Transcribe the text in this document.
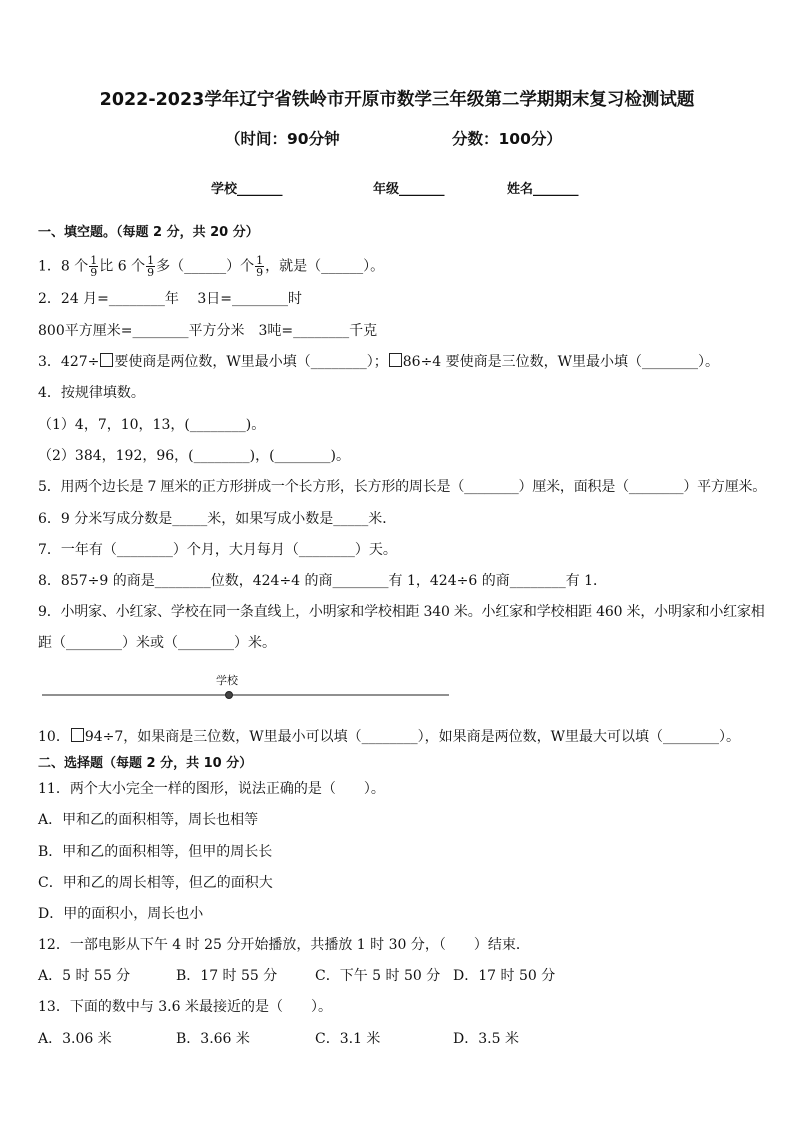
2022-2023学年辽宁省铁岭市开原市数学三年级第二学期期末复习检测试题
（时间：90分钟	分数：100分）
学校_______	年级_______	姓名_______
一、填空题。（每题 2 分，共 20 分）
1．8 个 $\frac{1}{9}$ 比 6 个 $\frac{1}{9}$ 多（______）个 $\frac{1}{9}$ ，就是（______）。
2．24 月=________年　 3日=________时
800平方厘米=________平方分米　3吨=________千克
3．427÷ 要使商是两位数，W里最小填（________）； 86÷4 要使商是三位数，W里最小填（________）。
4．按规律填数。
（1）4，7，10，13，(________)。
（2）384，192，96，(________)，(________)。
5．用两个边长是 7 厘米的正方形拼成一个长方形，长方形的周长是（________）厘米，面积是（________）平方厘米。
6．9 分米写成分数是_____米，如果写成小数是_____米．
7．一年有（________）个月，大月每月（________）天。
8．857÷9 的商是________位数，424÷4 的商________有 1，424÷6 的商________有 1．
9．小明家、小红家、学校在同一条直线上，小明家和学校相距 340 米。小红家和学校相距 460 米，小明家和小红家相
距（________）米或（________）米。
学校
10． 94÷7，如果商是三位数，W里最小可以填（________），如果商是两位数，W里最大可以填（________）。
二、选择题（每题 2 分，共 10 分）
11．两个大小完全一样的图形，说法正确的是（　　）。
A．甲和乙的面积相等，周长也相等
B．甲和乙的面积相等，但甲的周长长
C．甲和乙的周长相等，但乙的面积大
D．甲的面积小，周长也小
12．一部电影从下午 4 时 25 分开始播放，共播放 1 时 30 分，（　　）结束．
A．5 时 55 分	B．17 时 55 分	C．下午 5 时 50 分 D．17 时 50 分
13．下面的数中与 3.6 米最接近的是（　　）。
A．3.06 米	B．3.66 米	C．3.1 米	D．3.5 米
